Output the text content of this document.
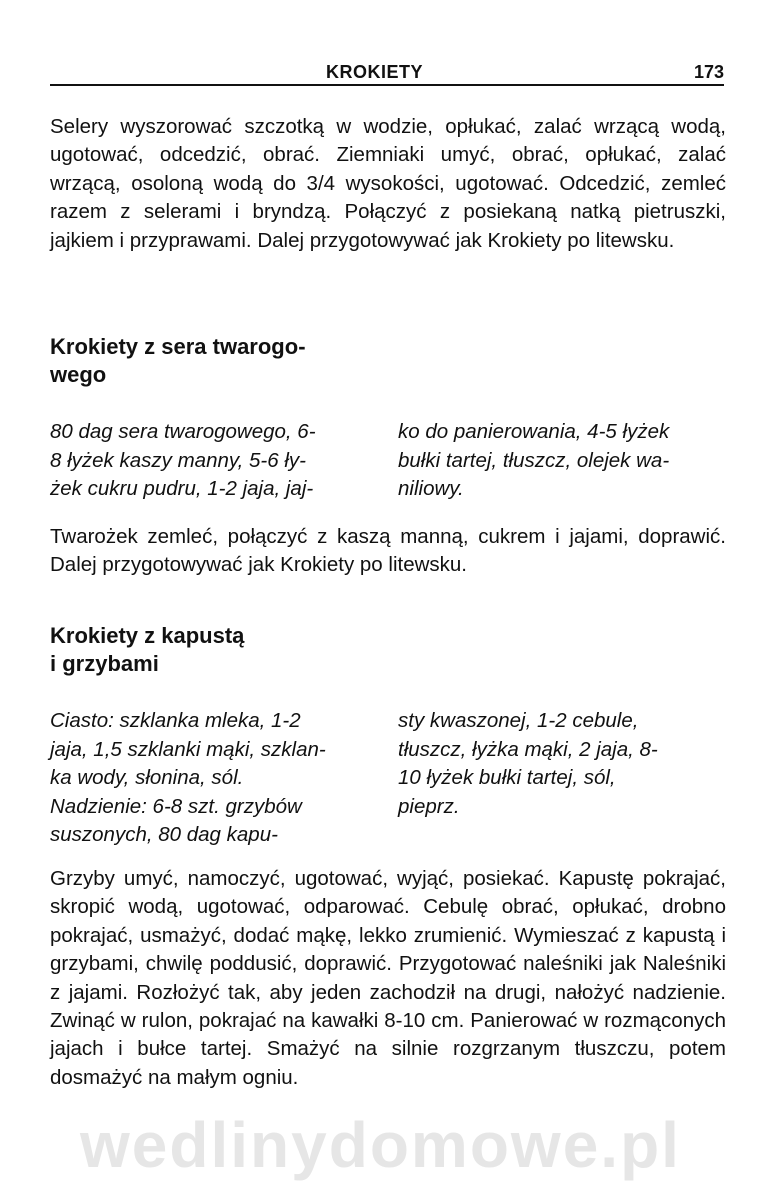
wedlinydomowe.pl
KROKIETY	173

Selery wyszorować szczotką w wodzie, opłukać, zalać wrzącą wodą, ugotować, odcedzić, obrać. Ziemniaki umyć, obrać, opłukać, zalać wrzącą, osoloną wodą do 3/4 wysokości, ugotować. Odcedzić, zemleć razem z selerami i bryndzą. Połączyć z posiekaną natką pietruszki, jajkiem i przyprawami. Dalej przygotowywać jak Krokiety po litewsku.

Krokiety z sera twarogo-
wego
80 dag sera twarogowego, 6-
8 łyżek kaszy manny, 5-6 ły-
żek cukru pudru, 1-2 jaja, jaj-
ko do panierowania, 4-5 łyżek
bułki tartej, tłuszcz, olejek wa-
niliowy.

Twarożek zemleć, połączyć z kaszą manną, cukrem i jajami, doprawić. Dalej przygotowywać jak Krokiety po litewsku.

Krokiety z kapustą
i grzybami
Ciasto: szklanka mleka, 1-2
jaja, 1,5 szklanki mąki, szklan-
ka wody, słonina, sól.
Nadzienie: 6-8 szt. grzybów
suszonych, 80 dag kapu-
sty kwaszonej, 1-2 cebule,
tłuszcz, łyżka mąki, 2 jaja, 8-
10 łyżek bułki tartej, sól,
pieprz.

Grzyby umyć, namoczyć, ugotować, wyjąć, posiekać. Kapustę pokrajać, skropić wodą, ugotować, odparować. Cebulę obrać, opłukać, drobno pokrajać, usmażyć, dodać mąkę, lekko zrumienić. Wymieszać z kapustą i grzybami, chwilę poddusić, doprawić. Przygotować naleśniki jak Naleśniki z jajami. Rozłożyć tak, aby jeden zachodził na drugi, nałożyć nadzienie. Zwinąć w rulon, pokrajać na kawałki 8-10 cm. Panierować w rozmąconych jajach i bułce tartej. Smażyć na silnie rozgrzanym tłuszczu, potem dosmażyć na małym ogniu.
